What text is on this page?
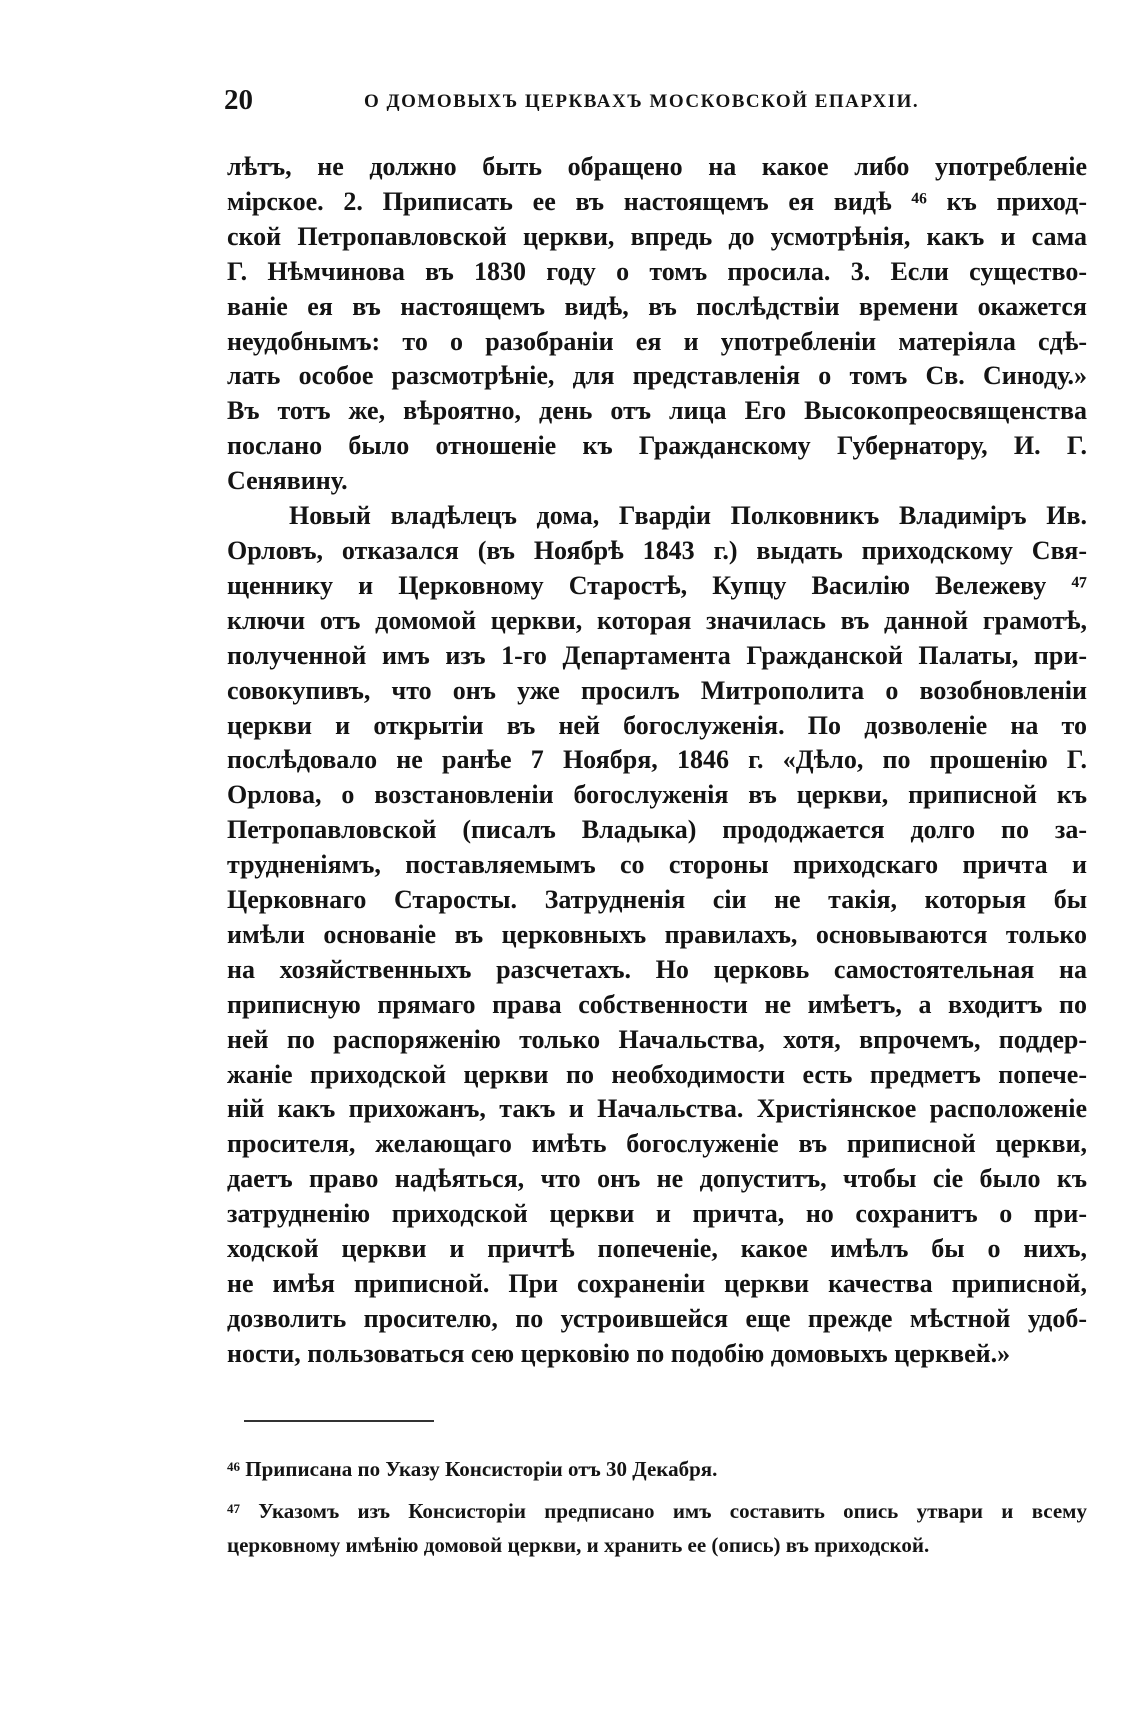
20	О ДОМОВЫХЪ ЦЕРКВАХЪ МОСКОВСКОЙ ЕПАРХІИ.
лѣтъ, не должно быть обращено на какое либо употребленіе
мірское. 2. Приписать ее въ настоящемъ ея видѣ ⁴⁶ къ приход-
ской Петропавловской церкви, впредь до усмотрѣнія, какъ и сама
Г. Нѣмчинова въ 1830 году о томъ просила. 3. Если существо-
ваніе ея въ настоящемъ видѣ, въ послѣдствіи времени окажется
неудобнымъ: то о разобраніи ея и употребленіи матеріяла сдѣ-
лать особое разсмотрѣніе, для представленія о томъ Св. Синоду.»
Въ тотъ же, вѣроятно, день отъ лица Его Высокопреосвященства
послано было отношеніе къ Гражданскому Губернатору, И. Г.
Сенявину.
Новый владѣлецъ дома, Гвардіи Полковникъ Владиміръ Ив.
Орловъ, отказался (въ Ноябрѣ 1843 г.) выдать приходскому Свя-
щеннику и Церковному Старостѣ, Купцу Василію Вележеву ⁴⁷
ключи отъ домомой церкви, которая значилась въ данной грамотѣ,
полученной имъ изъ 1-го Департамента Гражданской Палаты, при-
совокупивъ, что онъ уже просилъ Митрополита о возобновленіи
церкви и открытіи въ ней богослуженія. По дозволеніе на то
послѣдовало не ранѣе 7 Ноября, 1846 г. «Дѣло, по прошенію Г.
Орлова, о возстановленіи богослуженія въ церкви, приписной къ
Петропавловской (писалъ Владыка) прододжается долго по за-
трудненіямъ, поставляемымъ со стороны приходскаго причта и
Церковнаго Старосты. Затрудненія сіи не такія, которыя бы
имѣли основаніе въ церковныхъ правилахъ, основываются только
на хозяйственныхъ разсчетахъ. Но церковь самостоятельная на
приписную прямаго права собственности не имѣетъ, а входитъ по
ней по распоряженію только Начальства, хотя, впрочемъ, поддер-
жаніе приходской церкви по необходимости есть предметъ попече-
ній какъ прихожанъ, такъ и Начальства. Христіянское расположеніе
просителя, желающаго имѣть богослуженіе въ приписной церкви,
даетъ право надѣяться, что онъ не допуститъ, чтобы сіе было къ
затрудненію приходской церкви и причта, но сохранитъ о при-
ходской церкви и причтѣ попеченіе, какое имѣлъ бы о нихъ,
не имѣя приписной. При сохраненіи церкви качества приписной,
дозволить просителю, по устроившейся еще прежде мѣстной удоб-
ности, пользоваться сею церковію по подобію домовыхъ церквей.»
$^{46}$ Приписана по Указу Консисторіи отъ 30 Декабря.
$^{47}$ Указомъ изъ Консисторіи предписано имъ составить опись утвари и всему
церковному имѣнію домовой церкви, и хранить ее (опись) въ приходской.
